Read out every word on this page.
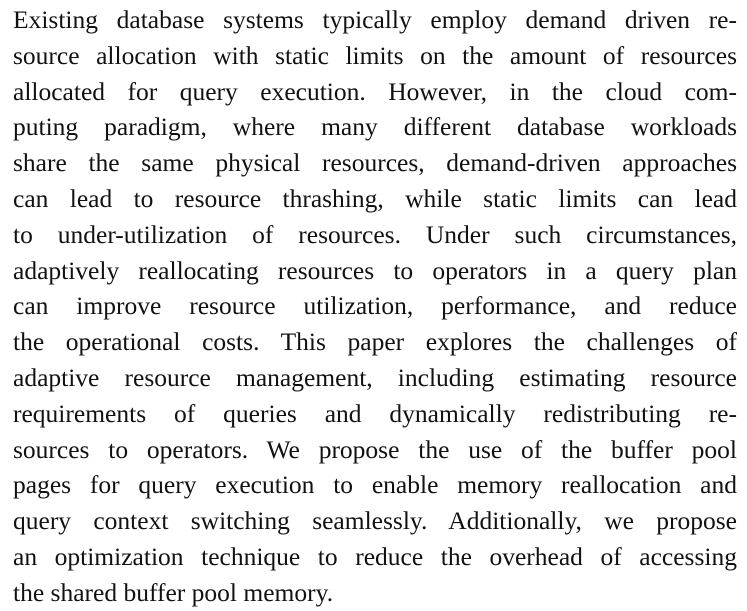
Existing database systems typically employ demand driven re-
source allocation with static limits on the amount of resources
allocated for query execution. However, in the cloud com-
puting paradigm, where many different database workloads
share the same physical resources, demand-driven approaches
can lead to resource thrashing, while static limits can lead
to under-utilization of resources. Under such circumstances,
adaptively reallocating resources to operators in a query plan
can improve resource utilization, performance, and reduce
the operational costs. This paper explores the challenges of
adaptive resource management, including estimating resource
requirements of queries and dynamically redistributing re-
sources to operators. We propose the use of the buffer pool
pages for query execution to enable memory reallocation and
query context switching seamlessly. Additionally, we propose
an optimization technique to reduce the overhead of accessing
the shared buffer pool memory.
